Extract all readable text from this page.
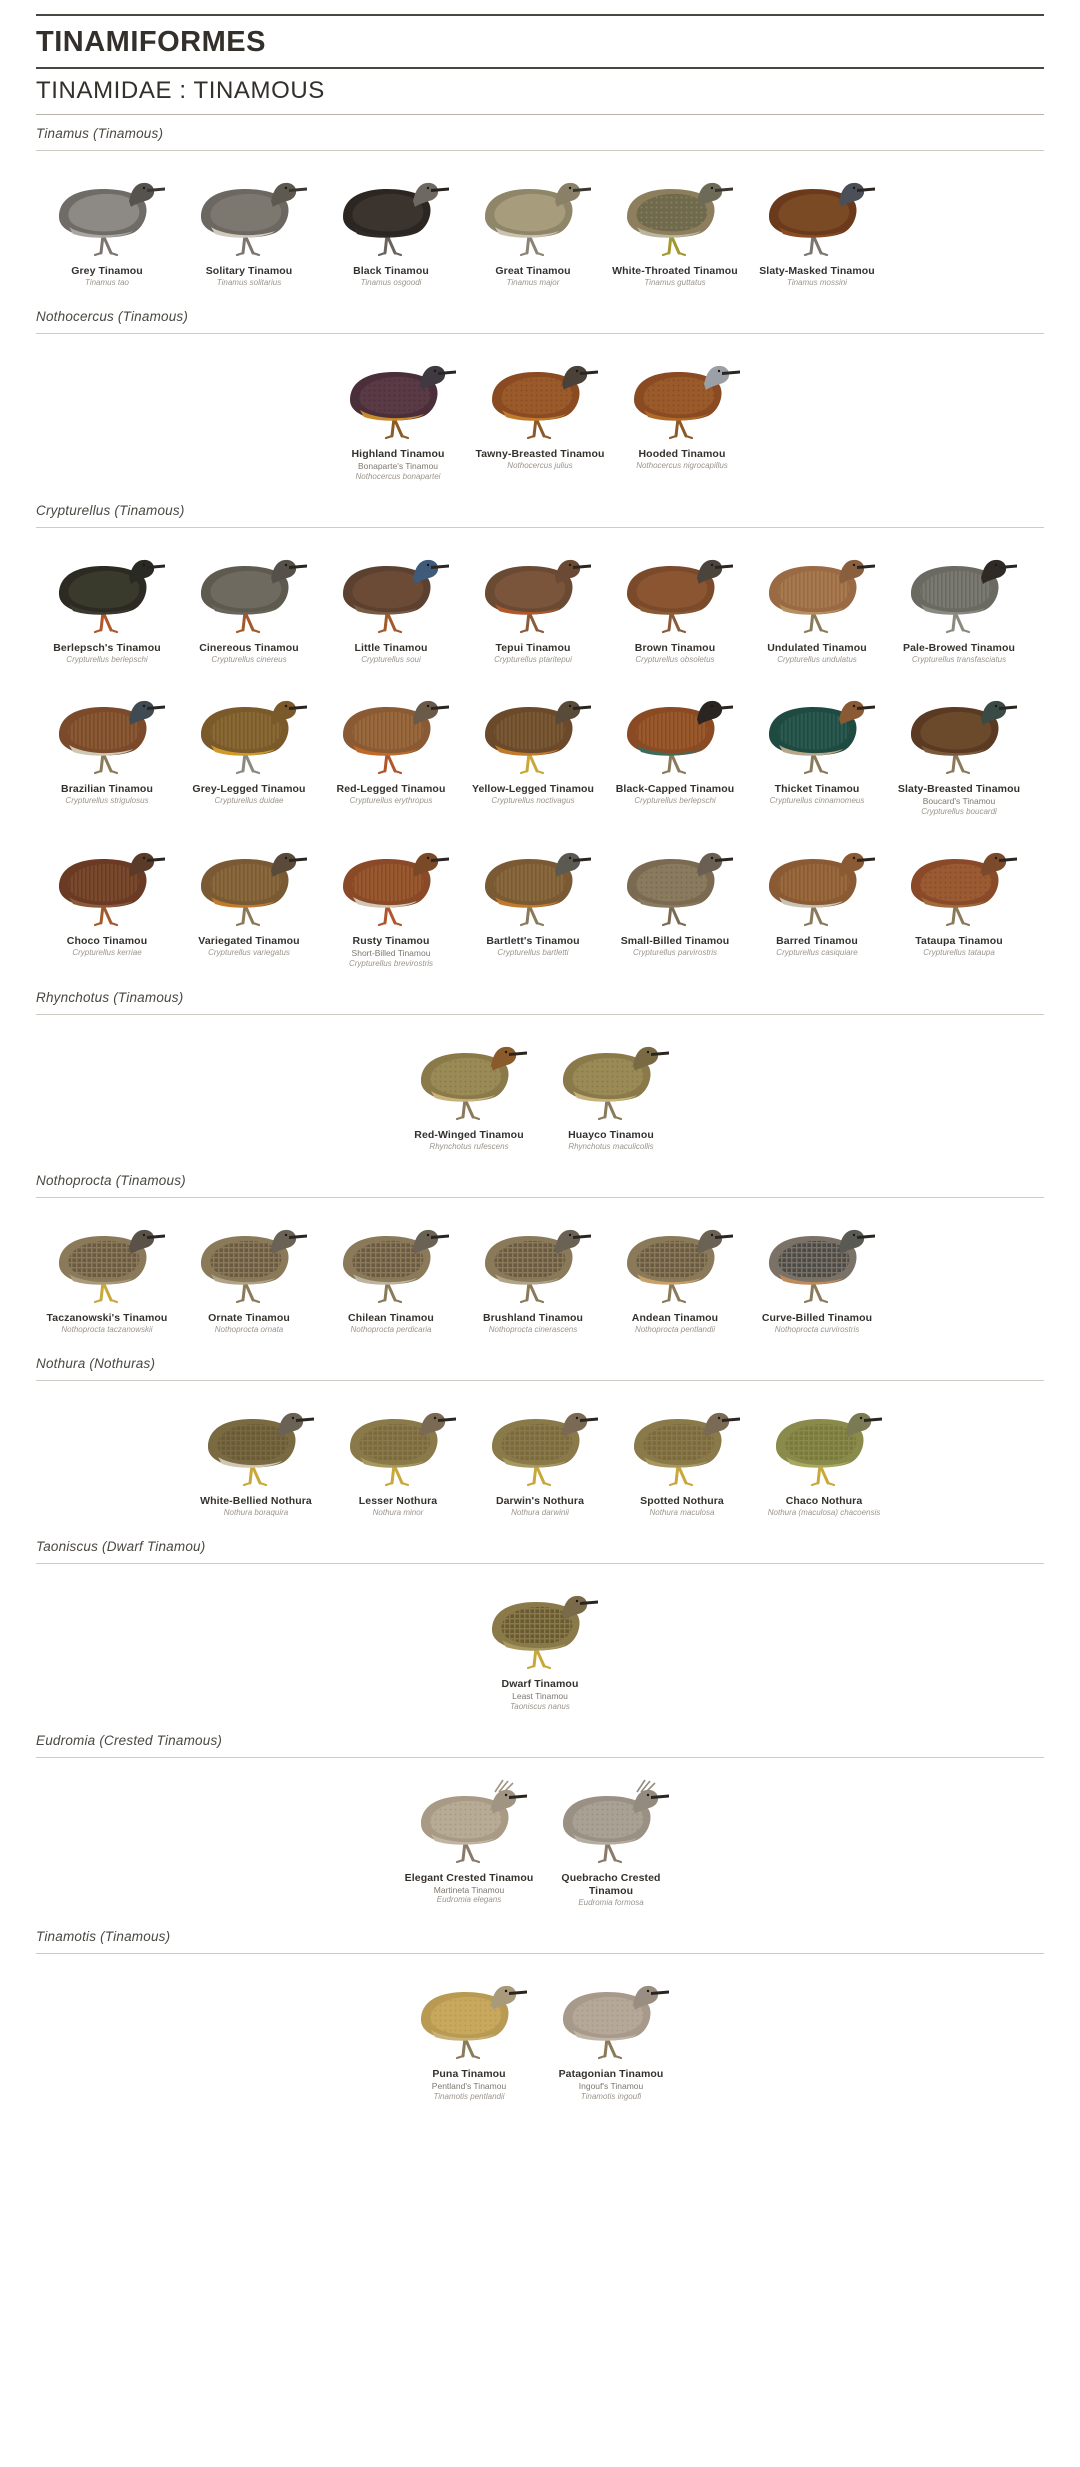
TINAMIFORMES
TINAMIDAE : TINAMOUS
Tinamus (Tinamous)
Grey Tinamou
Tinamus tao
Solitary Tinamou
Tinamus solitarius
Black Tinamou
Tinamus osgoodi
Great Tinamou
Tinamus major
White-Throated Tinamou
Tinamus guttatus
Slaty-Masked Tinamou
Tinamus mossini
Nothocercus (Tinamous)
Highland Tinamou
Bonaparte's Tinamou
Nothocercus bonapartei
Tawny-Breasted Tinamou
Nothocercus julius
Hooded Tinamou
Nothocercus nigrocapillus
Crypturellus (Tinamous)
Berlepsch's Tinamou
Crypturellus berlepschi
Cinereous Tinamou
Crypturellus cinereus
Little Tinamou
Crypturellus soui
Tepui Tinamou
Crypturellus ptaritepui
Brown Tinamou
Crypturellus obsoletus
Undulated Tinamou
Crypturellus undulatus
Pale-Browed Tinamou
Crypturellus transfasciatus
Brazilian Tinamou
Crypturellus strigulosus
Grey-Legged Tinamou
Crypturellus duidae
Red-Legged Tinamou
Crypturellus erythropus
Yellow-Legged Tinamou
Crypturellus noctivagus
Black-Capped Tinamou
Crypturellus berlepschi
Thicket Tinamou
Crypturellus cinnamomeus
Slaty-Breasted Tinamou
Boucard's Tinamou
Crypturellus boucardi
Choco Tinamou
Crypturellus kerriae
Variegated Tinamou
Crypturellus variegatus
Rusty Tinamou
Short-Billed Tinamou
Crypturellus brevirostris
Bartlett's Tinamou
Crypturellus bartletti
Small-Billed Tinamou
Crypturellus parvirostris
Barred Tinamou
Crypturellus casiquiare
Tataupa Tinamou
Crypturellus tataupa
Rhynchotus (Tinamous)
Red-Winged Tinamou
Rhynchotus rufescens
Huayco Tinamou
Rhynchotus maculicollis
Nothoprocta (Tinamous)
Taczanowski's Tinamou
Nothoprocta taczanowskii
Ornate Tinamou
Nothoprocta ornata
Chilean Tinamou
Nothoprocta perdicaria
Brushland Tinamou
Nothoprocta cinerascens
Andean Tinamou
Nothoprocta pentlandii
Curve-Billed Tinamou
Nothoprocta curvirostris
Nothura (Nothuras)
White-Bellied Nothura
Nothura boraquira
Lesser Nothura
Nothura minor
Darwin's Nothura
Nothura darwinii
Spotted Nothura
Nothura maculosa
Chaco Nothura
Nothura (maculosa) chacoensis
Taoniscus (Dwarf Tinamou)
Dwarf Tinamou
Least Tinamou
Taoniscus nanus
Eudromia (Crested Tinamous)
Elegant Crested Tinamou
Martineta Tinamou
Eudromia elegans
Quebracho Crested Tinamou
Eudromia formosa
Tinamotis (Tinamous)
Puna Tinamou
Pentland's Tinamou
Tinamotis pentlandii
Patagonian Tinamou
Ingouf's Tinamou
Tinamotis ingoufi
